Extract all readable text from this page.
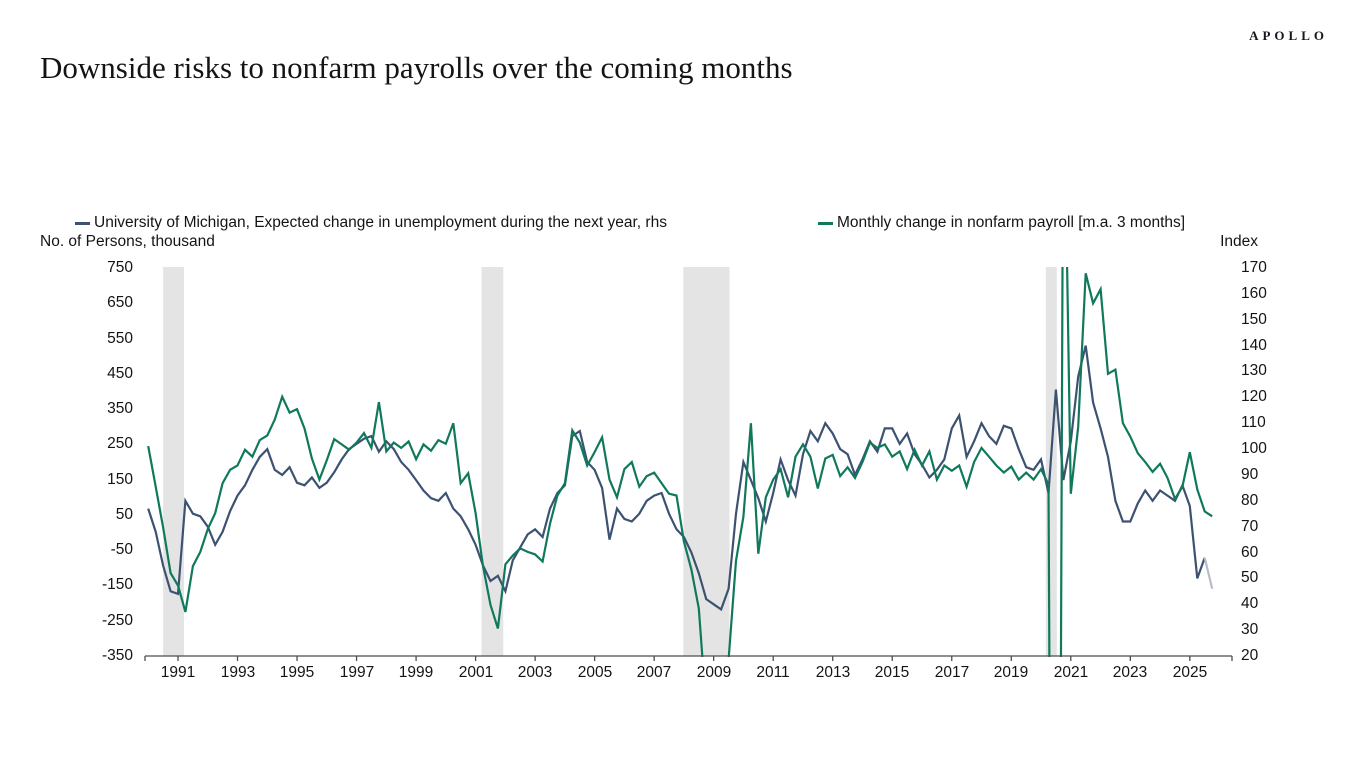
APOLLO
Downside risks to nonfarm payrolls over the coming months
University of Michigan, Expected change in unemployment during the next year, rhs	Monthly change in nonfarm payroll [m.a. 3 months]
No. of Persons, thousand	Index
750
650
550
450
350
250
150
50
-50
-150
-250
-350
170
160
150
140
130
120
110
100
90
80
70
60
50
40
30
20
1991 1993 1995 1997 1999 2001 2003 2005 2007 2009 2011 2013 2015 2017 2019 2021 2023 2025
